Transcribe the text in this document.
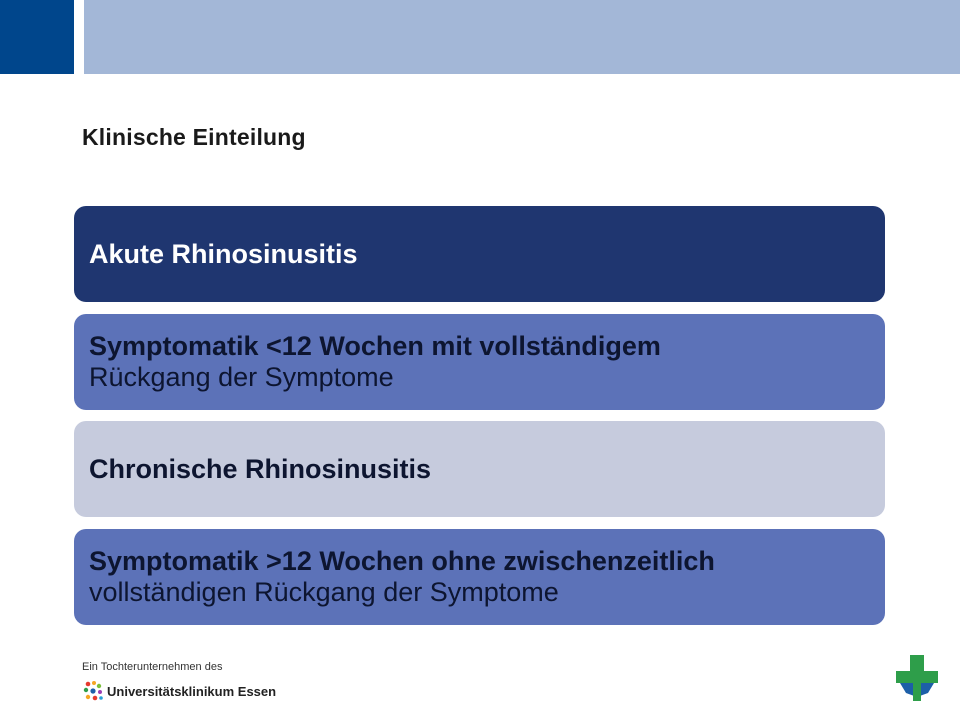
Klinische Einteilung
Akute Rhinosinusitis
Symptomatik <12 Wochen mit vollständigem
Rückgang der Symptome
Chronische Rhinosinusitis
Symptomatik >12 Wochen ohne zwischenzeitlich
vollständigen Rückgang der Symptome
Ein Tochterunternehmen des
Universitätsklinikum Essen
